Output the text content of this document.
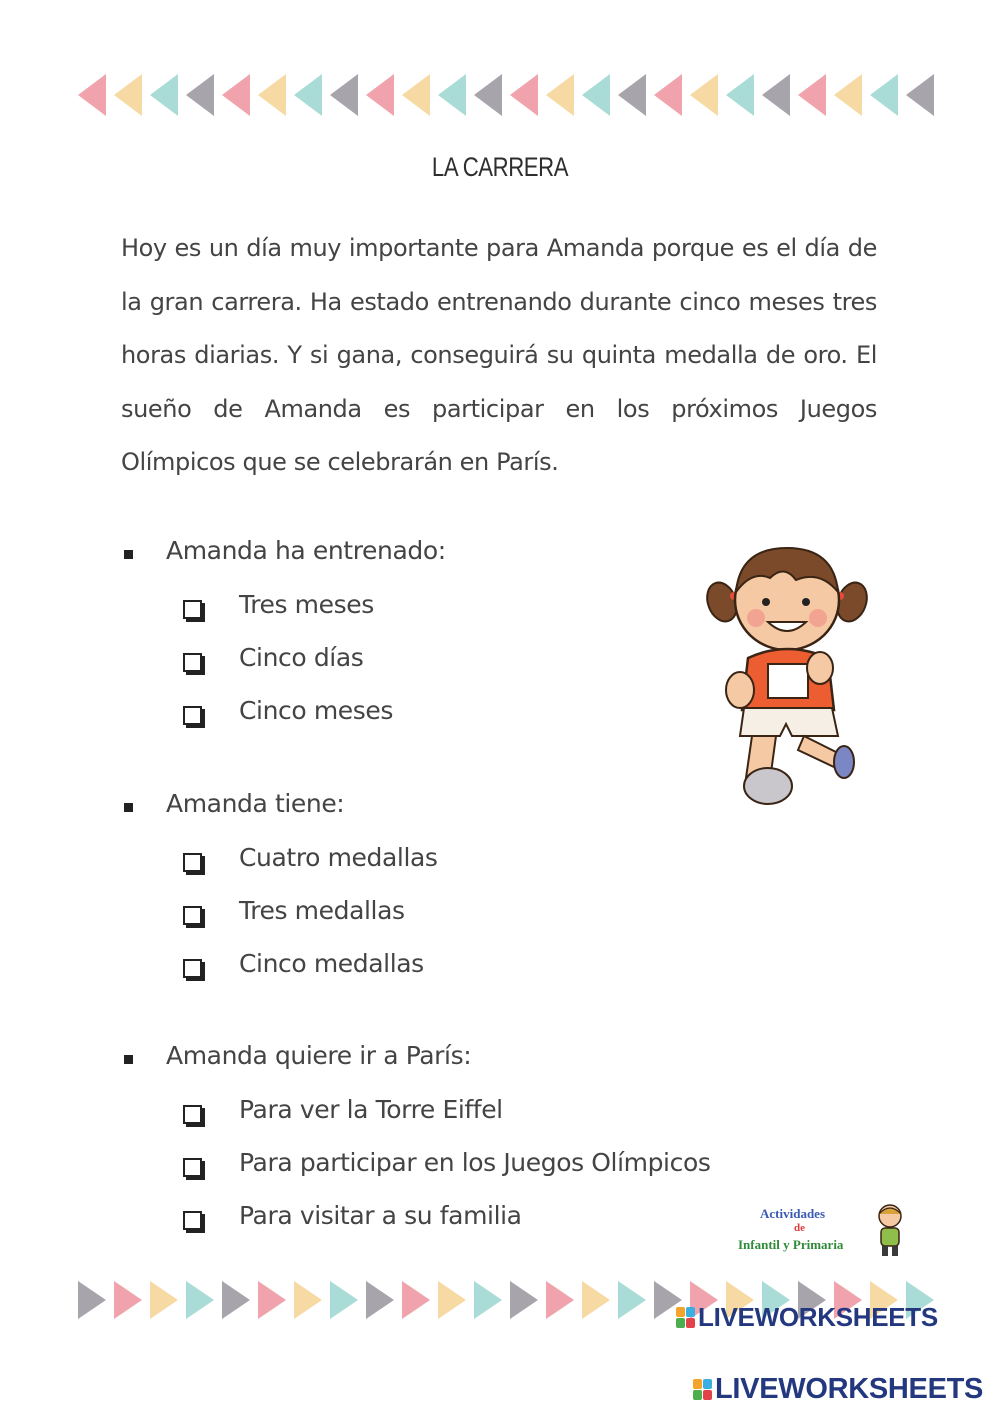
LA CARRERA
Hoy es un día muy importante para Amanda porque es el día de la gran carrera. Ha estado entrenando durante cinco meses tres horas diarias. Y si gana, conseguirá su quinta medalla de oro. El sueño de Amanda es participar en los próximos Juegos Olímpicos que se celebrarán en París.
Amanda ha entrenado:
Tres meses
Cinco días
Cinco meses
Amanda tiene:
Cuatro medallas
Tres medallas
Cinco medallas
Amanda quiere ir a París:
Para ver la Torre Eiffel
Para participar en los Juegos Olímpicos
Para visitar a su familia	Actividades
de
Infantil y Primaria
LIVEWORKSHEETS
LIVEWORKSHEETS
